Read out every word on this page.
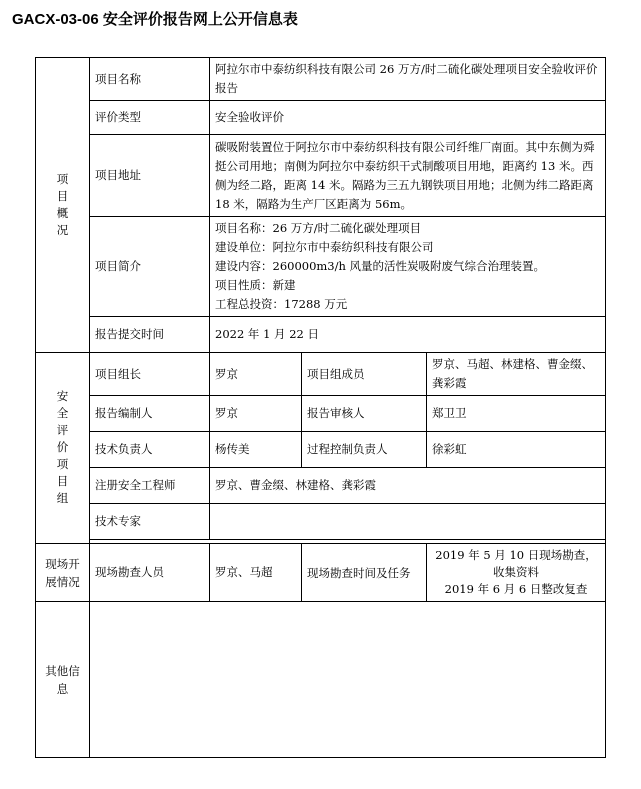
GACX-03-06 安全评价报告网上公开信息表
项目概况	项目名称	阿拉尔市中泰纺织科技有限公司 26 万方/时二硫化碳处理项目安全验收评价报告		
	评价类型	安全验收评价		
	项目地址	碳吸附装置位于阿拉尔市中泰纺织科技有限公司纤维厂南面。其中东侧为舜挺公司用地；南侧为阿拉尔中泰纺织干式制酸项目用地，距离约 13 米。西侧为经二路，距离 14 米。隔路为三五九钢铁项目用地；北侧为纬二路距离 18 米，隔路为生产厂区距离为 56m。		
	项目简介	项目名称：26 万方/时二硫化碳处理项目
建设单位：阿拉尔市中泰纺织科技有限公司
建设内容：260000m3/h 风量的活性炭吸附废气综合治理装置。
项目性质：新建
工程总投资：17288 万元		

	报告提交时间	2022 年 1 月 22 日		
安全评价项目组	项目组长	罗京	项目组成员	罗京、马超、林建格、曹金缀、龚彩霞
	报告编制人	罗京	报告审核人	郑卫卫
	技术负责人	杨传美	过程控制负责人	徐彩虹
	注册安全工程师	罗京、曹金缀、林建格、龚彩霞		
	技术专家			

现场开展情况	现场勘查人员	罗京、马超	现场勘查时间及任务	2019 年 5 月 10 日现场勘查，
收集资料
2019 年 6 月 6 日整改复查

其他信息				
